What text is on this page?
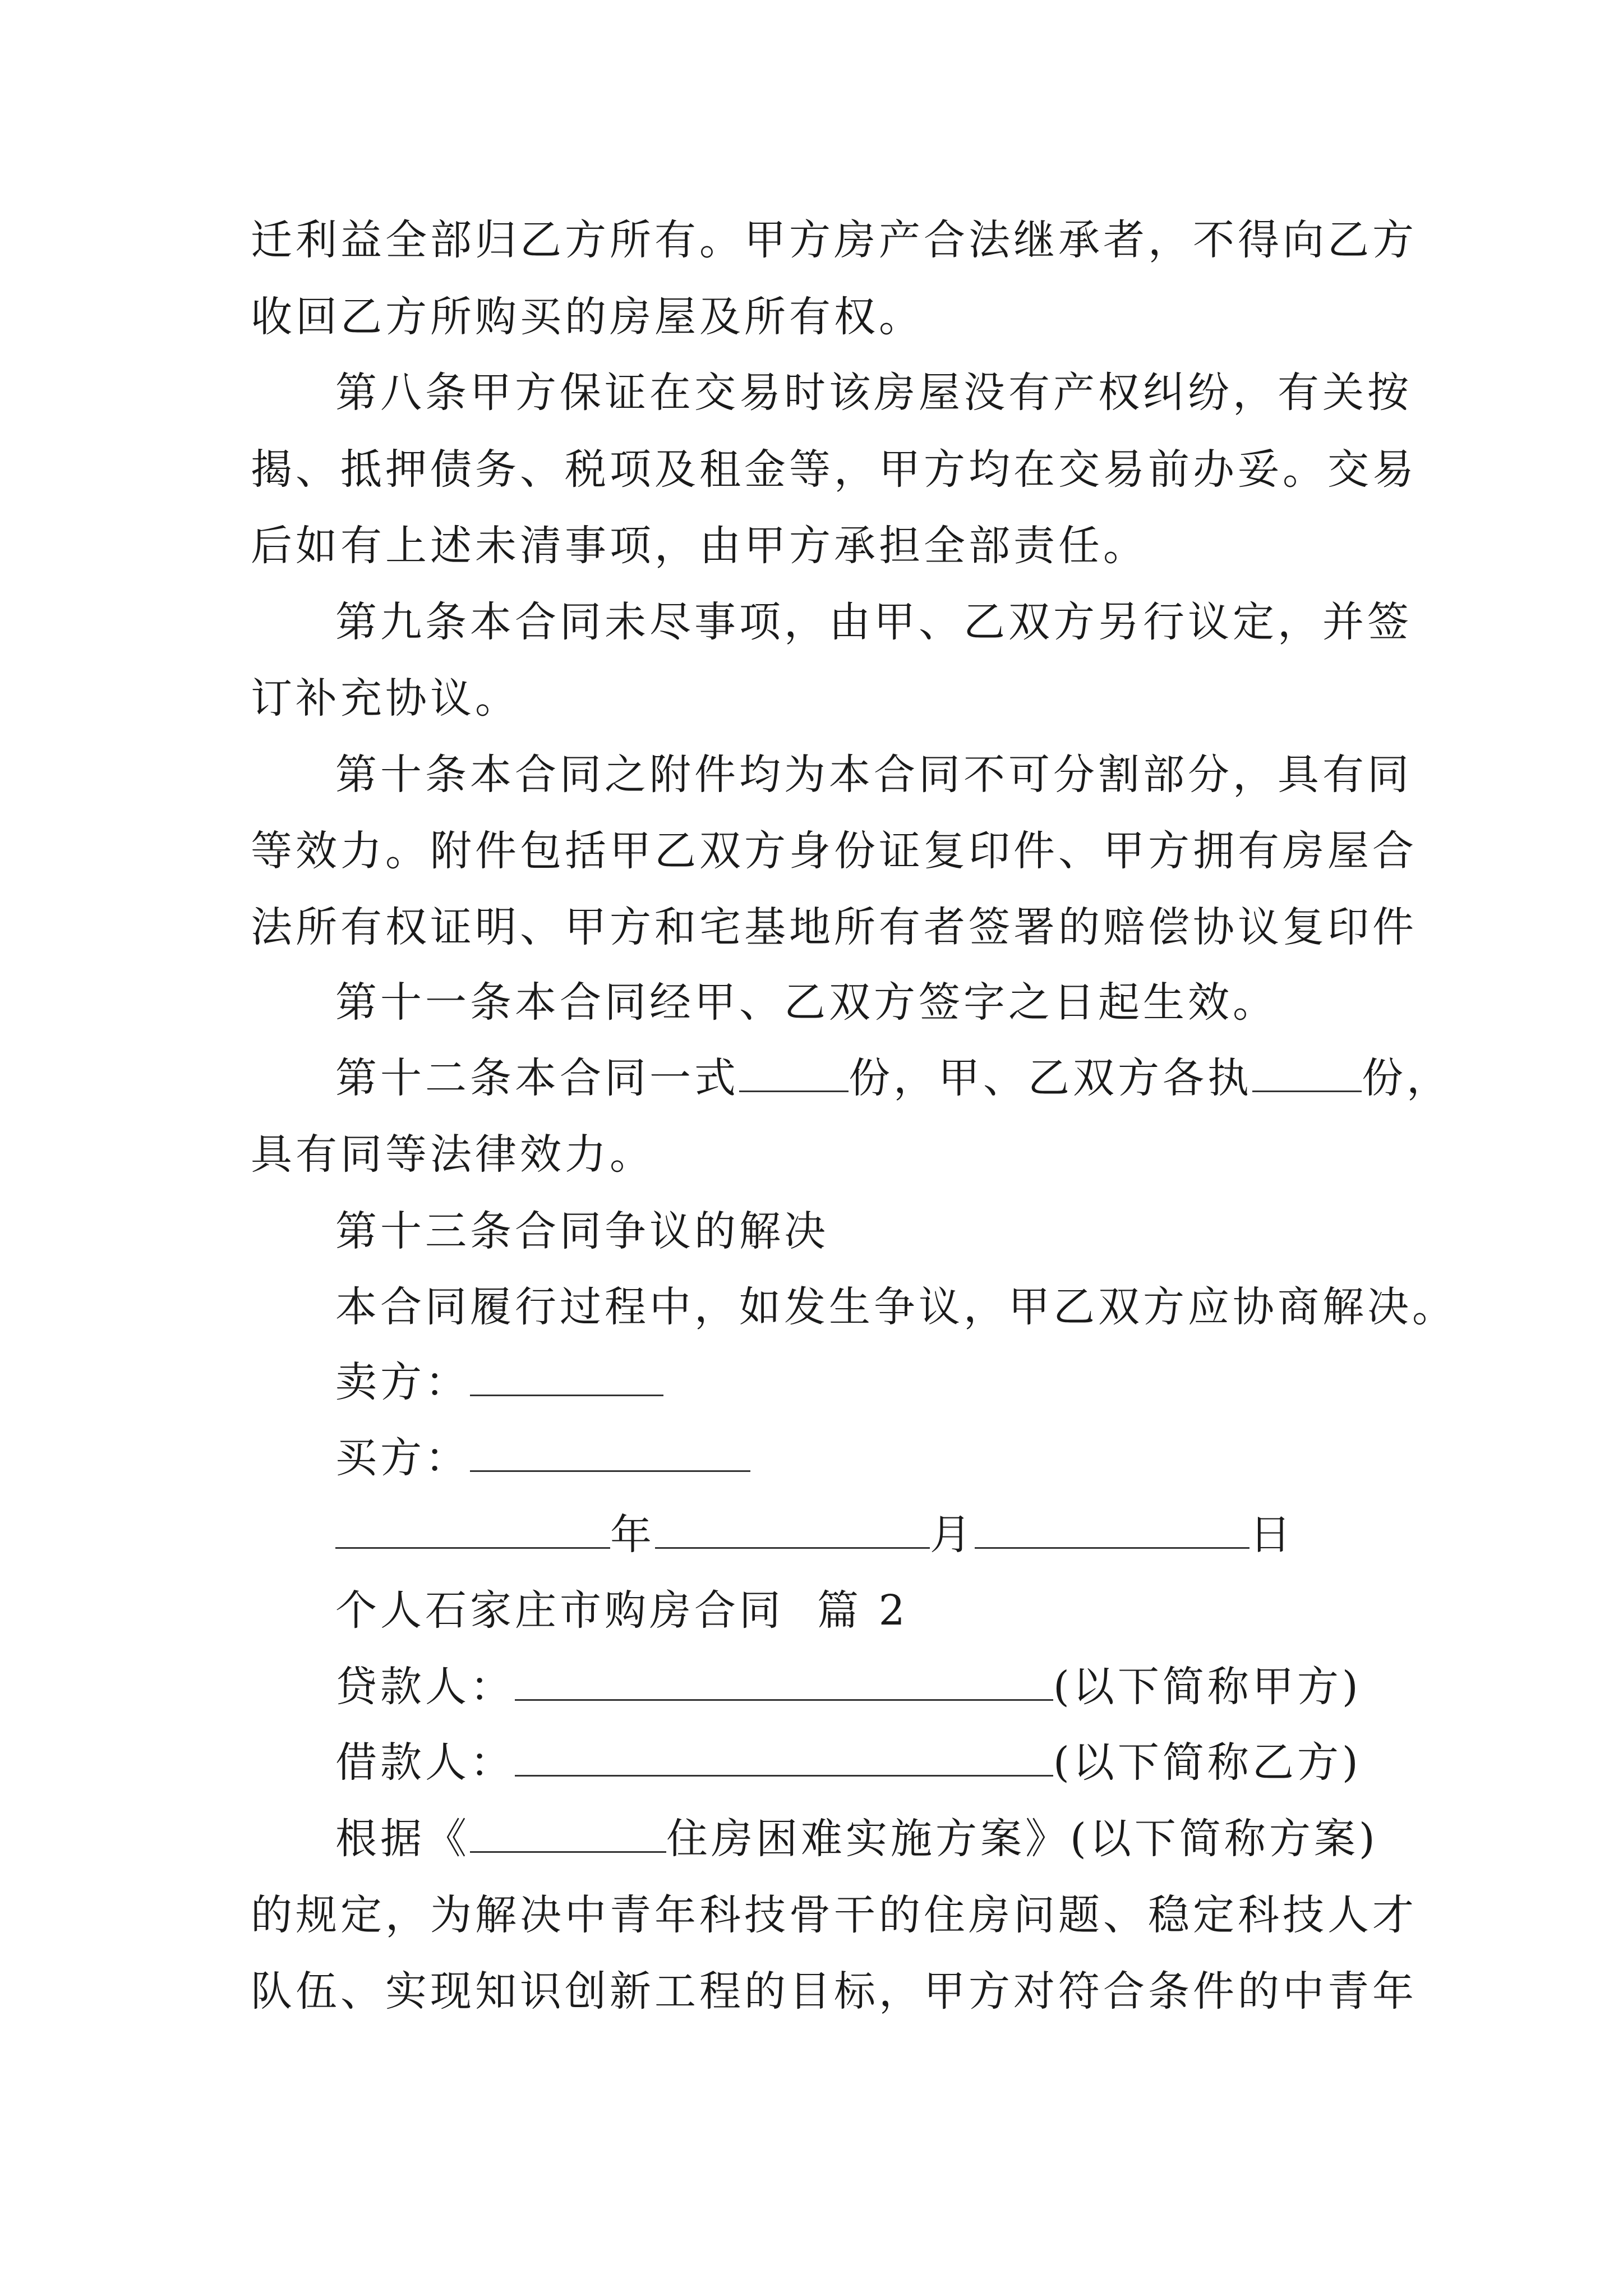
迁利益全部归乙方所有。甲方房产合法继承者，不得向乙方
收回乙方所购买的房屋及所有权。
第八条甲方保证在交易时该房屋没有产权纠纷，有关按
揭、抵押债务、税项及租金等，甲方均在交易前办妥。交易
后如有上述未清事项，由甲方承担全部责任。
第九条本合同未尽事项，由甲、乙双方另行议定，并签
订补充协议。
第十条本合同之附件均为本合同不可分割部分，具有同
等效力。附件包括甲乙双方身份证复印件、甲方拥有房屋合
法所有权证明、甲方和宅基地所有者签署的赔偿协议复印件
第十一条本合同经甲、乙双方签字之日起生效。
第十二条本合同一式	份，甲、乙双方各执	份，
具有同等法律效力。
第十三条合同争议的解决
本合同履行过程中，如发生争议，甲乙双方应协商解决。
卖方：
买方：
年	月	日
个人石家庄市购房合同  篇 2
贷款人：	(以下简称甲方)
借款人：	(以下简称乙方)
根据《	住房困难实施方案》(以下简称方案)
的规定，为解决中青年科技骨干的住房问题、稳定科技人才
队伍、实现知识创新工程的目标，甲方对符合条件的中青年
